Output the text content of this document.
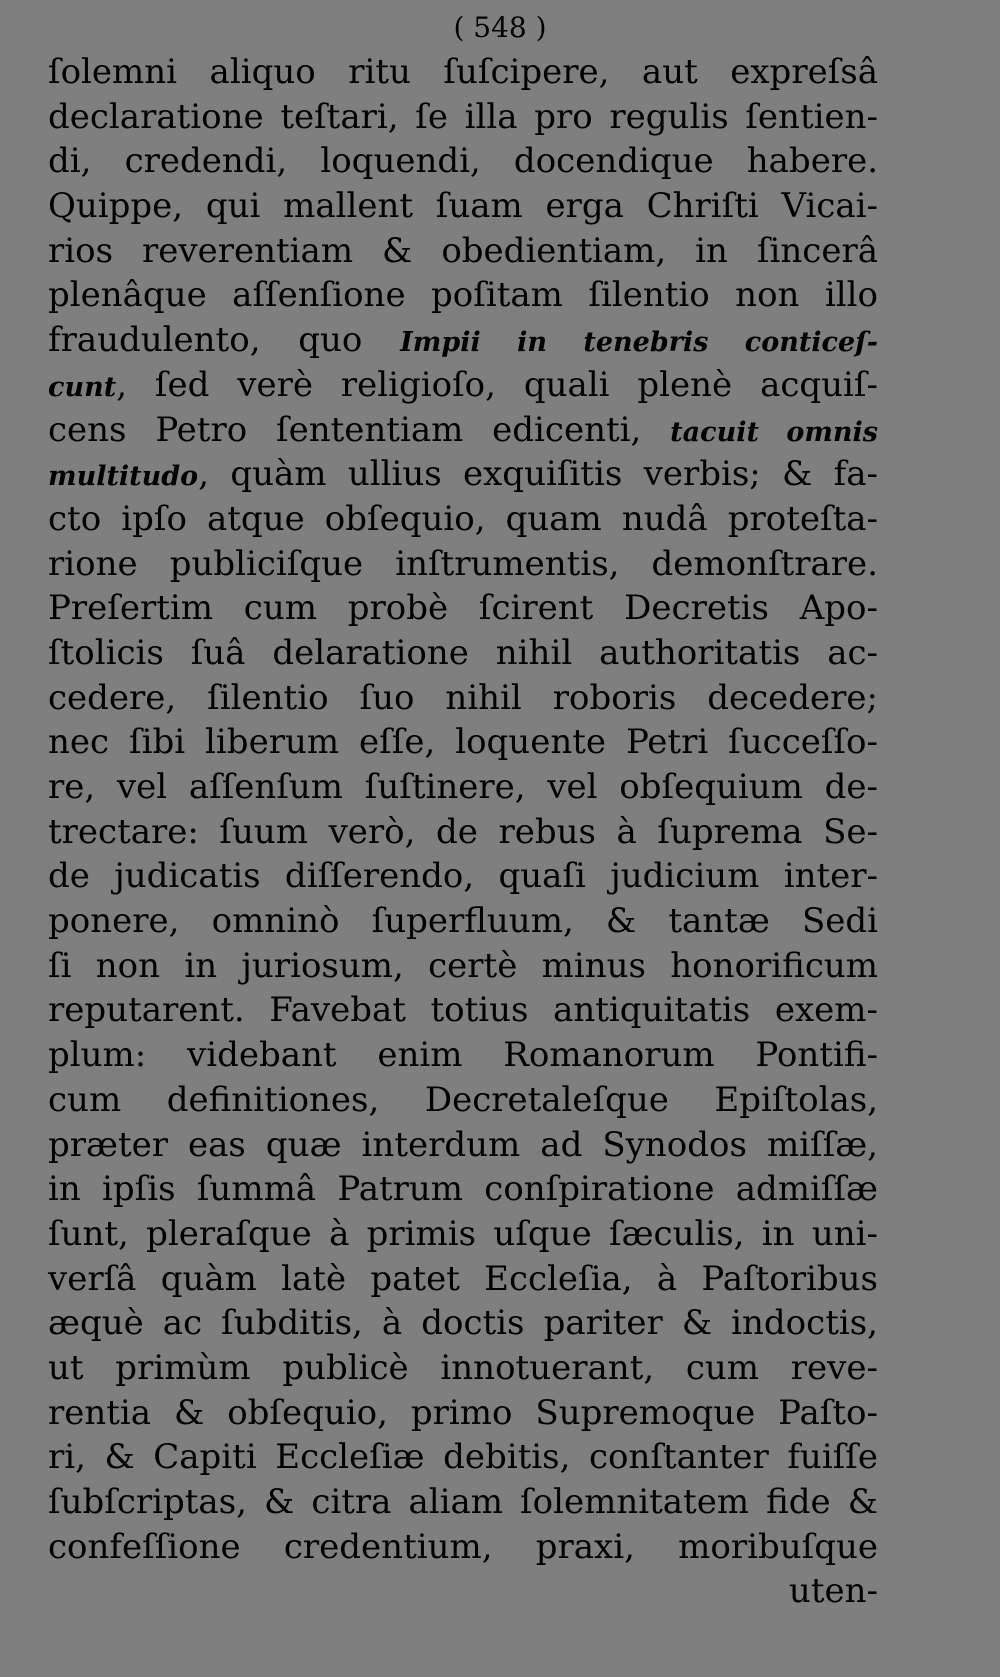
( 548 )
ſolemni aliquo ritu ſuſcipere, aut expreſsâ
declaratione teſtari, ſe illa pro regulis ſentien-
di, credendi, loquendi, docendique habere.
Quippe, qui mallent ſuam erga Chriſti Vicai-
rios reverentiam & obedientiam, in ſincerâ
plenâque aſſenſione poſitam ſilentio non illo
fraudulento, quo Impii in tenebris conticeſ-
cunt, ſed verè religioſo, quali plenè acquiſ-
cens Petro ſententiam edicenti, tacuit omnis
multitudo, quàm ullius exquiſitis verbis; & fa-
cto ipſo atque obſequio, quam nudâ proteſta-
rione publiciſque inſtrumentis, demonſtrare.
Preſertim cum probè ſcirent Decretis Apo-
ſtolicis ſuâ delaratione nihil authoritatis ac-
cedere, ſilentio ſuo nihil roboris decedere;
nec ſibi liberum eſſe, loquente Petri ſucceſſo-
re, vel aſſenſum ſuſtinere, vel obſequium de-
trectare: ſuum verò, de rebus à ſuprema Se-
de judicatis diſſerendo, quaſi judicium inter-
ponere, omninò ſuperfluum, & tantæ Sedi
ſi non in juriosum, certè minus honorificum
reputarent. Favebat totius antiquitatis exem-
plum: videbant enim Romanorum Pontifi-
cum definitiones, Decretaleſque Epiſtolas,
præter eas quæ interdum ad Synodos miſſæ,
in ipſis ſummâ Patrum conſpiratione admiſſæ
ſunt, pleraſque à primis uſque ſæculis, in uni-
verſâ quàm latè patet Eccleſia, à Paſtoribus
æquè ac ſubditis, à doctis pariter & indoctis,
ut primùm publicè innotuerant, cum reve-
rentia & obſequio, primo Supremoque Paſto-
ri, & Capiti Eccleſiæ debitis, conſtanter fuiſſe
ſubſcriptas, & citra aliam ſolemnitatem fide &
confeſſione credentium, praxi, moribuſque
uten-
